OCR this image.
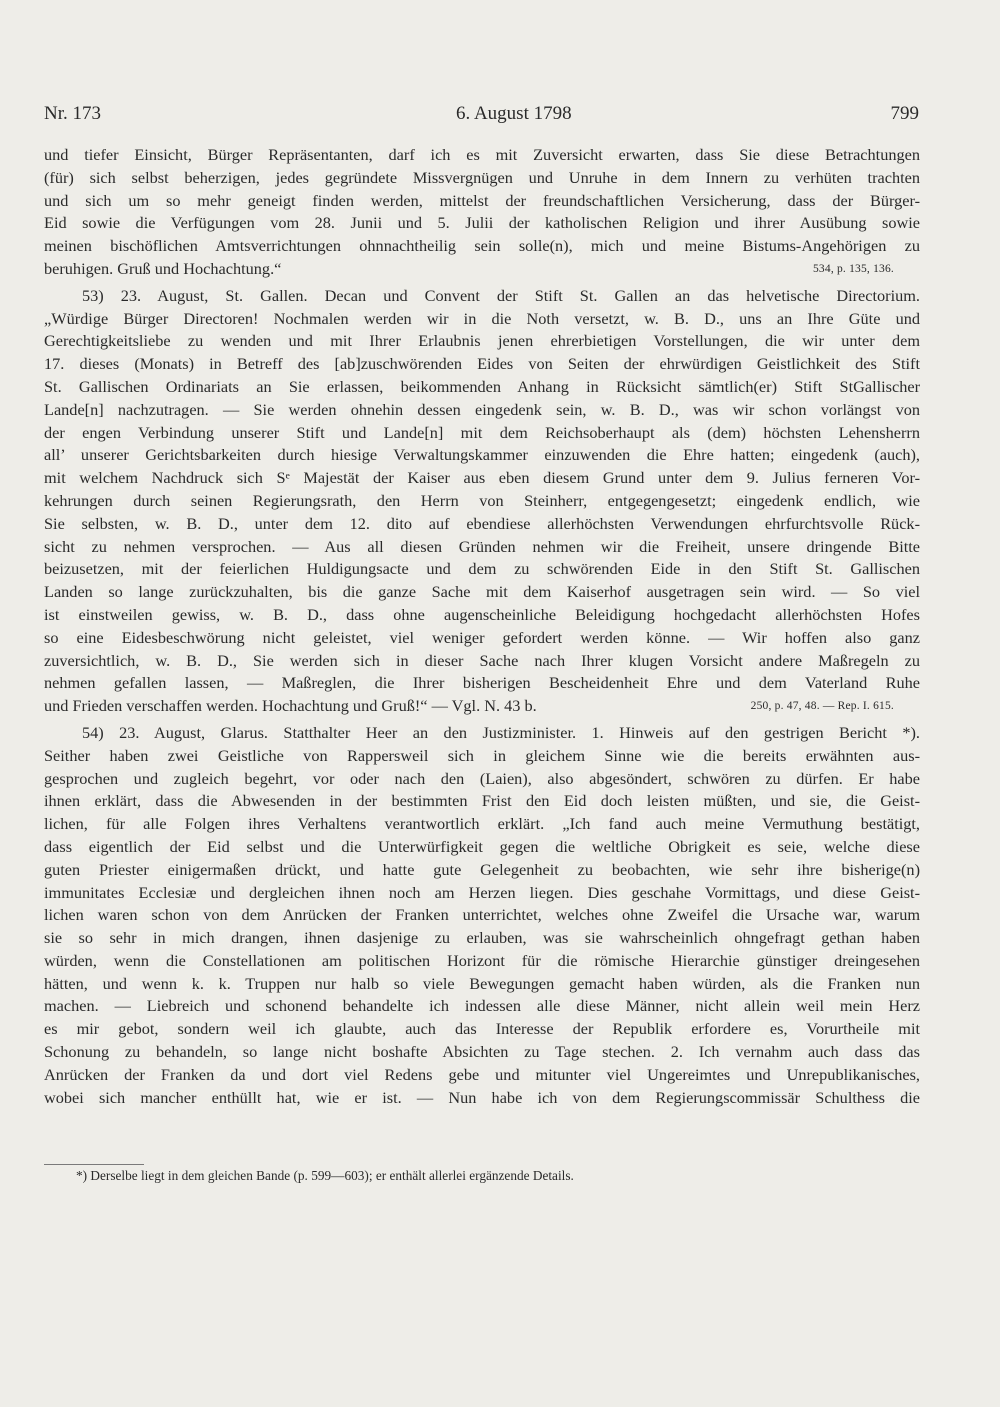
Nr. 173	6. August 1798	799
und tiefer Einsicht, Bürger Repräsentanten, darf ich es mit Zuversicht erwarten, dass Sie diese Betrachtungen
(für) sich selbst beherzigen, jedes gegründete Missvergnügen und Unruhe in dem Innern zu verhüten trachten
und sich um so mehr geneigt finden werden, mittelst der freundschaftlichen Versicherung, dass der Bürger-
Eid sowie die Verfügungen vom 28. Junii und 5. Julii der katholischen Religion und ihrer Ausübung sowie
meinen bischöflichen Amtsverrichtungen ohnnachtheilig sein solle(n), mich und meine Bistums-Angehörigen zu
beruhigen. Gruß und Hochachtung.“	534, p. 135, 136.
53) 23. August, St. Gallen. Decan und Convent der Stift St. Gallen an das helvetische Directorium.
„Würdige Bürger Directoren! Nochmalen werden wir in die Noth versetzt, w. B. D., uns an Ihre Güte und
Gerechtigkeitsliebe zu wenden und mit Ihrer Erlaubnis jenen ehrerbietigen Vorstellungen, die wir unter dem
17. dieses (Monats) in Betreff des [ab]zuschwörenden Eides von Seiten der ehrwürdigen Geistlichkeit des Stift
St. Gallischen Ordinariats an Sie erlassen, beikommenden Anhang in Rücksicht sämtlich(er) Stift StGallischer
Lande[n] nachzutragen. — Sie werden ohnehin dessen eingedenk sein, w. B. D., was wir schon vorlängst von
der engen Verbindung unserer Stift und Lande[n] mit dem Reichsoberhaupt als (dem) höchsten Lehensherrn
all’ unserer Gerichtsbarkeiten durch hiesige Verwaltungskammer einzuwenden die Ehre hatten; eingedenk (auch),
mit welchem Nachdruck sich Sᵉ Majestät der Kaiser aus eben diesem Grund unter dem 9. Julius ferneren Vor-
kehrungen durch seinen Regierungsrath, den Herrn von Steinherr, entgegengesetzt; eingedenk endlich, wie
Sie selbsten, w. B. D., unter dem 12. dito auf ebendiese allerhöchsten Verwendungen ehrfurchtsvolle Rück-
sicht zu nehmen versprochen. — Aus all diesen Gründen nehmen wir die Freiheit, unsere dringende Bitte
beizusetzen, mit der feierlichen Huldigungsacte und dem zu schwörenden Eide in den Stift St. Gallischen
Landen so lange zurückzuhalten, bis die ganze Sache mit dem Kaiserhof ausgetragen sein wird. — So viel
ist einstweilen gewiss, w. B. D., dass ohne augenscheinliche Beleidigung hochgedacht allerhöchsten Hofes
so eine Eidesbeschwörung nicht geleistet, viel weniger gefordert werden könne. — Wir hoffen also ganz
zuversichtlich, w. B. D., Sie werden sich in dieser Sache nach Ihrer klugen Vorsicht andere Maßregeln zu
nehmen gefallen lassen, — Maßreglen, die Ihrer bisherigen Bescheidenheit Ehre und dem Vaterland Ruhe
und Frieden verschaffen werden. Hochachtung und Gruß!“ — Vgl. N. 43 b.	250, p. 47, 48. — Rep. I. 615.
54) 23. August, Glarus. Statthalter Heer an den Justizminister. 1. Hinweis auf den gestrigen Bericht *).
Seither haben zwei Geistliche von Rappersweil sich in gleichem Sinne wie die bereits erwähnten aus-
gesprochen und zugleich begehrt, vor oder nach den (Laien), also abgesöndert, schwören zu dürfen. Er habe
ihnen erklärt, dass die Abwesenden in der bestimmten Frist den Eid doch leisten müßten, und sie, die Geist-
lichen, für alle Folgen ihres Verhaltens verantwortlich erklärt. „Ich fand auch meine Vermuthung bestätigt,
dass eigentlich der Eid selbst und die Unterwürfigkeit gegen die weltliche Obrigkeit es seie, welche diese
guten Priester einigermaßen drückt, und hatte gute Gelegenheit zu beobachten, wie sehr ihre bisherige(n)
immunitates Ecclesiæ und dergleichen ihnen noch am Herzen liegen. Dies geschahe Vormittags, und diese Geist-
lichen waren schon von dem Anrücken der Franken unterrichtet, welches ohne Zweifel die Ursache war, warum
sie so sehr in mich drangen, ihnen dasjenige zu erlauben, was sie wahrscheinlich ohngefragt gethan haben
würden, wenn die Constellationen am politischen Horizont für die römische Hierarchie günstiger dreingesehen
hätten, und wenn k. k. Truppen nur halb so viele Bewegungen gemacht haben würden, als die Franken nun
machen. — Liebreich und schonend behandelte ich indessen alle diese Männer, nicht allein weil mein Herz
es mir gebot, sondern weil ich glaubte, auch das Interesse der Republik erfordere es, Vorurtheile mit
Schonung zu behandeln, so lange nicht boshafte Absichten zu Tage stechen. 2. Ich vernahm auch dass das
Anrücken der Franken da und dort viel Redens gebe und mitunter viel Ungereimtes und Unrepublikanisches,
wobei sich mancher enthüllt hat, wie er ist. — Nun habe ich von dem Regierungscommissär Schulthess die
*) Derselbe liegt in dem gleichen Bande (p. 599—603); er enthält allerlei ergänzende Details.
